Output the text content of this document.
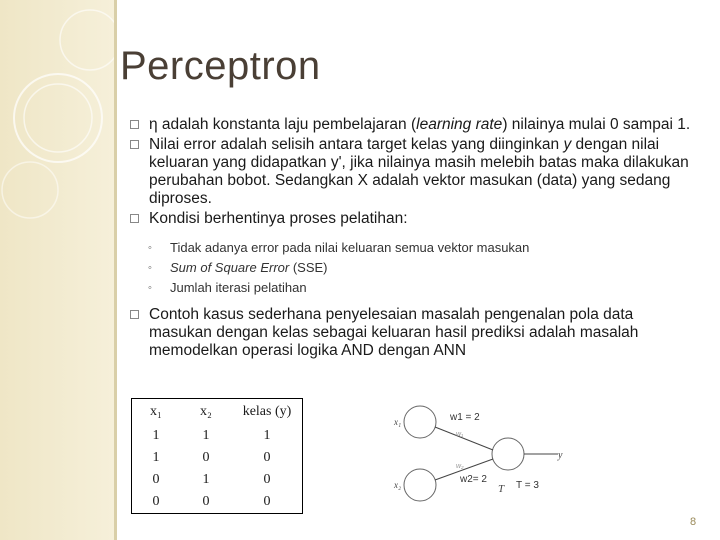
Perceptron
η adalah konstanta laju pembelajaran (learning rate) nilainya mulai 0 sampai 1.
Nilai error adalah selisih antara target kelas yang diinginkan y dengan nilai keluaran yang didapatkan y', jika nilainya masih melebih batas maka dilakukan perubahan bobot. Sedangkan X adalah vektor masukan (data) yang sedang diproses.
Kondisi berhentinya proses pelatihan:
◦ Tidak adanya error pada nilai keluaran semua vektor masukan
◦ Sum of Square Error (SSE)
◦ Jumlah iterasi pelatihan
Contoh kasus sederhana penyelesaian masalah pengenalan pola data masukan dengan kelas sebagai keluaran hasil prediksi adalah masalah memodelkan operasi logika AND dengan ANN
x₁	x₂	kelas (y)
1	1	1
1	0	0
0	1	0
0	0	0
x₁
x₂
w1 = 2
w₁
w₂
w2= 2
y
T T = 3
8
